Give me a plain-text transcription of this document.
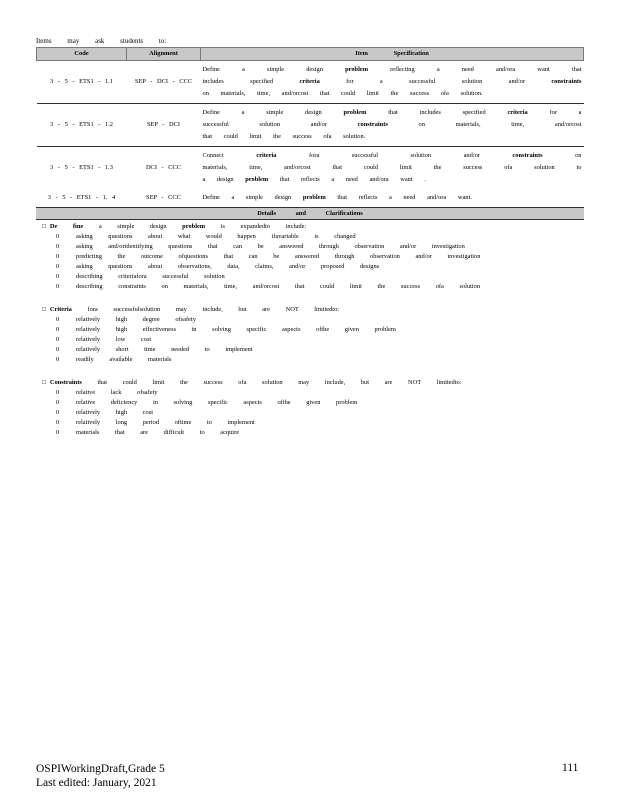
Items may ask students to:
Code	Alignment	Item Specification
3 - 5 - ETS1 - 1.1	SEP - DCI - CCC	Define a simple design problem reflecting a need and/ora want that
includes specified criteria for a successful solution and/or constraints
on materials, time, and/orcost that could limit the success ofa solution.

3 - 5 - ETS1 - 1.2	SEP - DCI	Define a simple design problem that includes specified criteria for a
successful solution and/or constraints on materials, time, and/orcost
that could limit the success ofa solution.

3 - 5 - ETS1 - 1.3	DCI - CCC	Connect criteria fora successful solution and/or constraints on
materials, time, and/orcost that could limit the success ofa solution to
a design problem that reflects a need and/ora want .

3 - 5 - ETS1 - 1. 4	SEP - CCC	Define a simple design problem that reflects a need and/ora want.
Details and Clarifications
□ De fine a simple design problem is expandedto include:
0	asking questions about what would happen ifavariable is changed
0	asking and/oridentifying questions that can be answered through observation and/or investigation
0	predicting the outcome ofquestions that can be answered through observation and/or investigation
0	asking questions about observations, data, claims, and/or proposed designs
0	describing criteriafora successful solution
0	describing constraints on materials, time, and/orcost that could limit the success ofa solution
□ Criteria fora successfulsolution may include, but are NOT limitedto:
0	relatively high degree ofsafety
0	relatively high effectiveness in solving specific aspects ofthe given problem
0	relatively low cost
0	relatively short time needed to implement
0	readily available materials
□ Constraints that could limit the success ofa solution may include, but are NOT limitedto:
0	relative lack ofsafety
0	relative deficiency in solving specific aspects ofthe given problem
0	relatively high cost
0	relatively long period oftime to implement
0	materials that are difficult to acquire
OSPIWorkingDraft,Grade 5
Last edited: January, 2021
111
